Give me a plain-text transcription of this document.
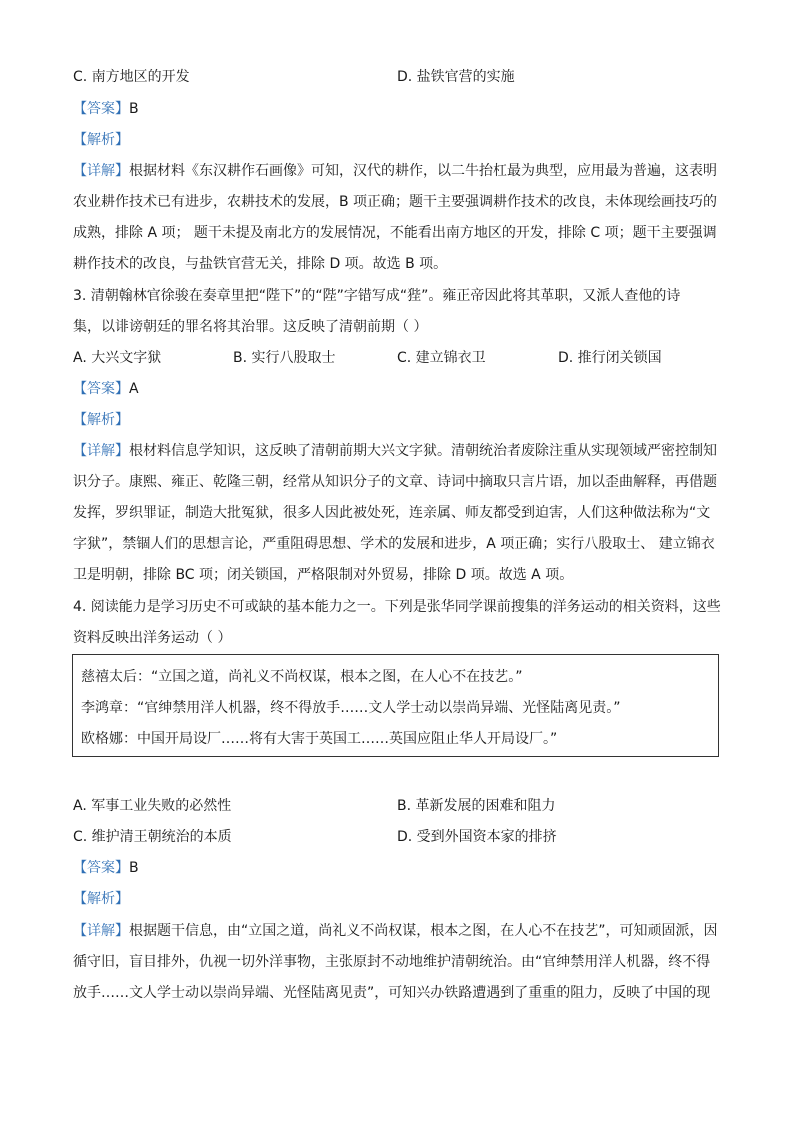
C. 南方地区的开发	D. 盐铁官营的实施
【答案】B
【解析】
【详解】根据材料《东汉耕作石画像》可知，汉代的耕作，以二牛抬杠最为典型，应用最为普遍，这表明
农业耕作技术已有进步，农耕技术的发展，B 项正确；题干主要强调耕作技术的改良，未体现绘画技巧的
成熟，排除 A 项； 题干未提及南北方的发展情况，不能看出南方地区的开发，排除 C 项；题干主要强调
耕作技术的改良，与盐铁官营无关，排除 D 项。故选 B 项。
3. 清朝翰林官徐骏在奏章里把“陛下”的“陛”字错写成“狴”。雍正帝因此将其革职，又派人查他的诗
集，以诽谤朝廷的罪名将其治罪。这反映了清朝前期（ ）
A. 大兴文字狱	B. 实行八股取士	C. 建立锦衣卫	D. 推行闭关锁国
【答案】A
【解析】
【详解】根材料信息学知识，这反映了清朝前期大兴文字狱。清朝统治者废除注重从实现领域严密控制知
识分子。康熙、雍正、乾隆三朝，经常从知识分子的文章、诗词中摘取只言片语，加以歪曲解释，再借题
发挥，罗织罪证，制造大批冤狱，很多人因此被处死，连亲属、师友都受到迫害，人们这种做法称为“文
字狱”，禁锢人们的思想言论，严重阻碍思想、学术的发展和进步，A 项正确；实行八股取士、 建立锦衣
卫是明朝，排除 BC 项；闭关锁国，严格限制对外贸易，排除 D 项。故选 A 项。
4. 阅读能力是学习历史不可或缺的基本能力之一。下列是张华同学课前搜集的洋务运动的相关资料，这些
资料反映出洋务运动（ ）
慈禧太后：“立国之道，尚礼义不尚权谋，根本之图，在人心不在技艺。”
李鸿章：“官绅禁用洋人机器，终不得放手……文人学士动以崇尚异端、光怪陆离见责。”
欧格娜：中国开局设厂……将有大害于英国工……英国应阻止华人开局设厂。”
A. 军事工业失败的必然性	B. 革新发展的困难和阻力
C. 维护清王朝统治的本质	D. 受到外国资本家的排挤
【答案】B
【解析】
【详解】根据题干信息，由“立国之道，尚礼义不尚权谋，根本之图，在人心不在技艺”，可知顽固派，因
循守旧，盲目排外，仇视一切外洋事物，主张原封不动地维护清朝统治。由“官绅禁用洋人机器，终不得
放手……文人学士动以崇尚异端、光怪陆离见责”，可知兴办铁路遭遇到了重重的阻力，反映了中国的现
